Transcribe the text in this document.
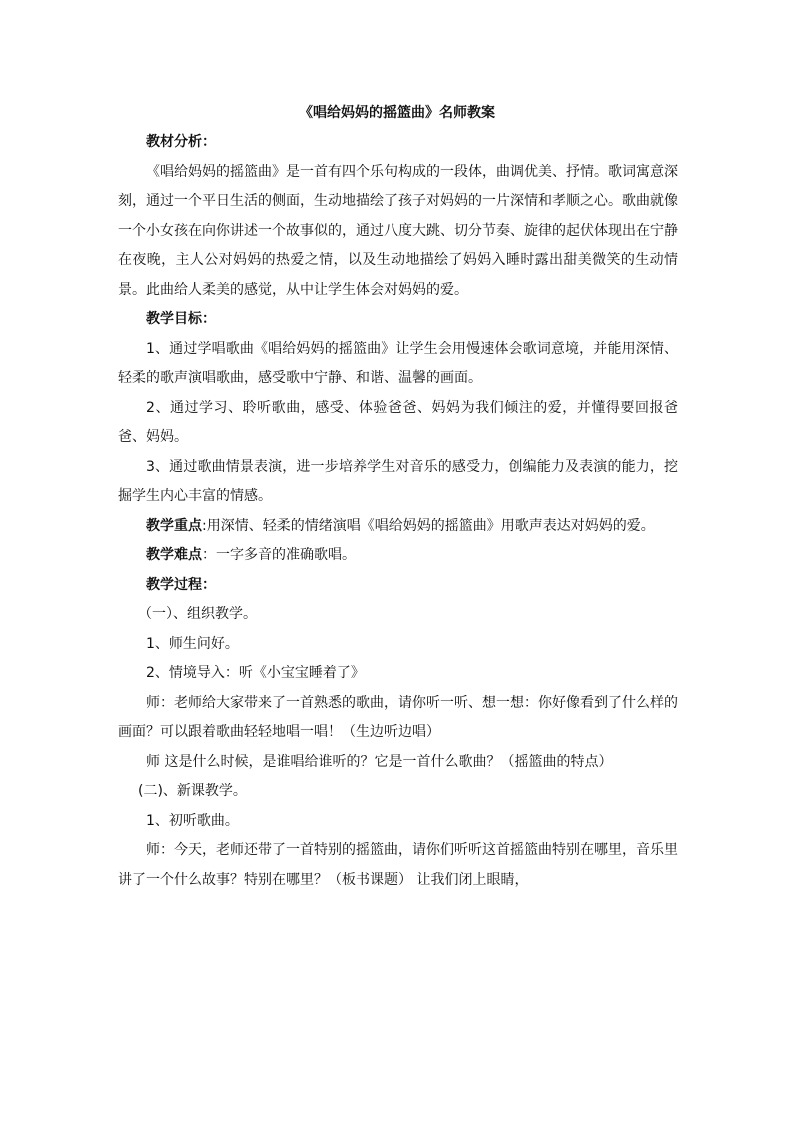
《唱给妈妈的摇篮曲》名师教案

教材分析：

《唱给妈妈的摇篮曲》是一首有四个乐句构成的一段体，曲调优美、抒情。歌词寓意深刻，通过一个平日生活的侧面，生动地描绘了孩子对妈妈的一片深情和孝顺之心。歌曲就像一个小女孩在向你讲述一个故事似的，通过八度大跳、切分节奏、旋律的起伏体现出在宁静在夜晚，主人公对妈妈的热爱之情，以及生动地描绘了妈妈入睡时露出甜美微笑的生动情景。此曲给人柔美的感觉，从中让学生体会对妈妈的爱。

教学目标：

1、通过学唱歌曲《唱给妈妈的摇篮曲》让学生会用慢速体会歌词意境，并能用深情、轻柔的歌声演唱歌曲，感受歌中宁静、和谐、温馨的画面。

2、通过学习、聆听歌曲，感受、体验爸爸、妈妈为我们倾注的爱，并懂得要回报爸爸、妈妈。

3、通过歌曲情景表演，进一步培养学生对音乐的感受力，创编能力及表演的能力，挖掘学生内心丰富的情感。

教学重点:用深情、轻柔的情绪演唱《唱给妈妈的摇篮曲》用歌声表达对妈妈的爱。

教学难点：一字多音的准确歌唱。

教学过程：

（一）、组织教学。

1、师生问好。

2、情境导入：听《小宝宝睡着了》

师：老师给大家带来了一首熟悉的歌曲，请你听一听、想一想：你好像看到了什么样的画面？可以跟着歌曲轻轻地唱一唱！（生边听边唱）

师 这是什么时候，是谁唱给谁听的？它是一首什么歌曲？（摇篮曲的特点）

(二)、新课教学。

1、初听歌曲。

师：今天，老师还带了一首特别的摇篮曲，请你们听听这首摇篮曲特别在哪里，音乐里讲了一个什么故事？特别在哪里？（板书课题） 让我们闭上眼睛，
